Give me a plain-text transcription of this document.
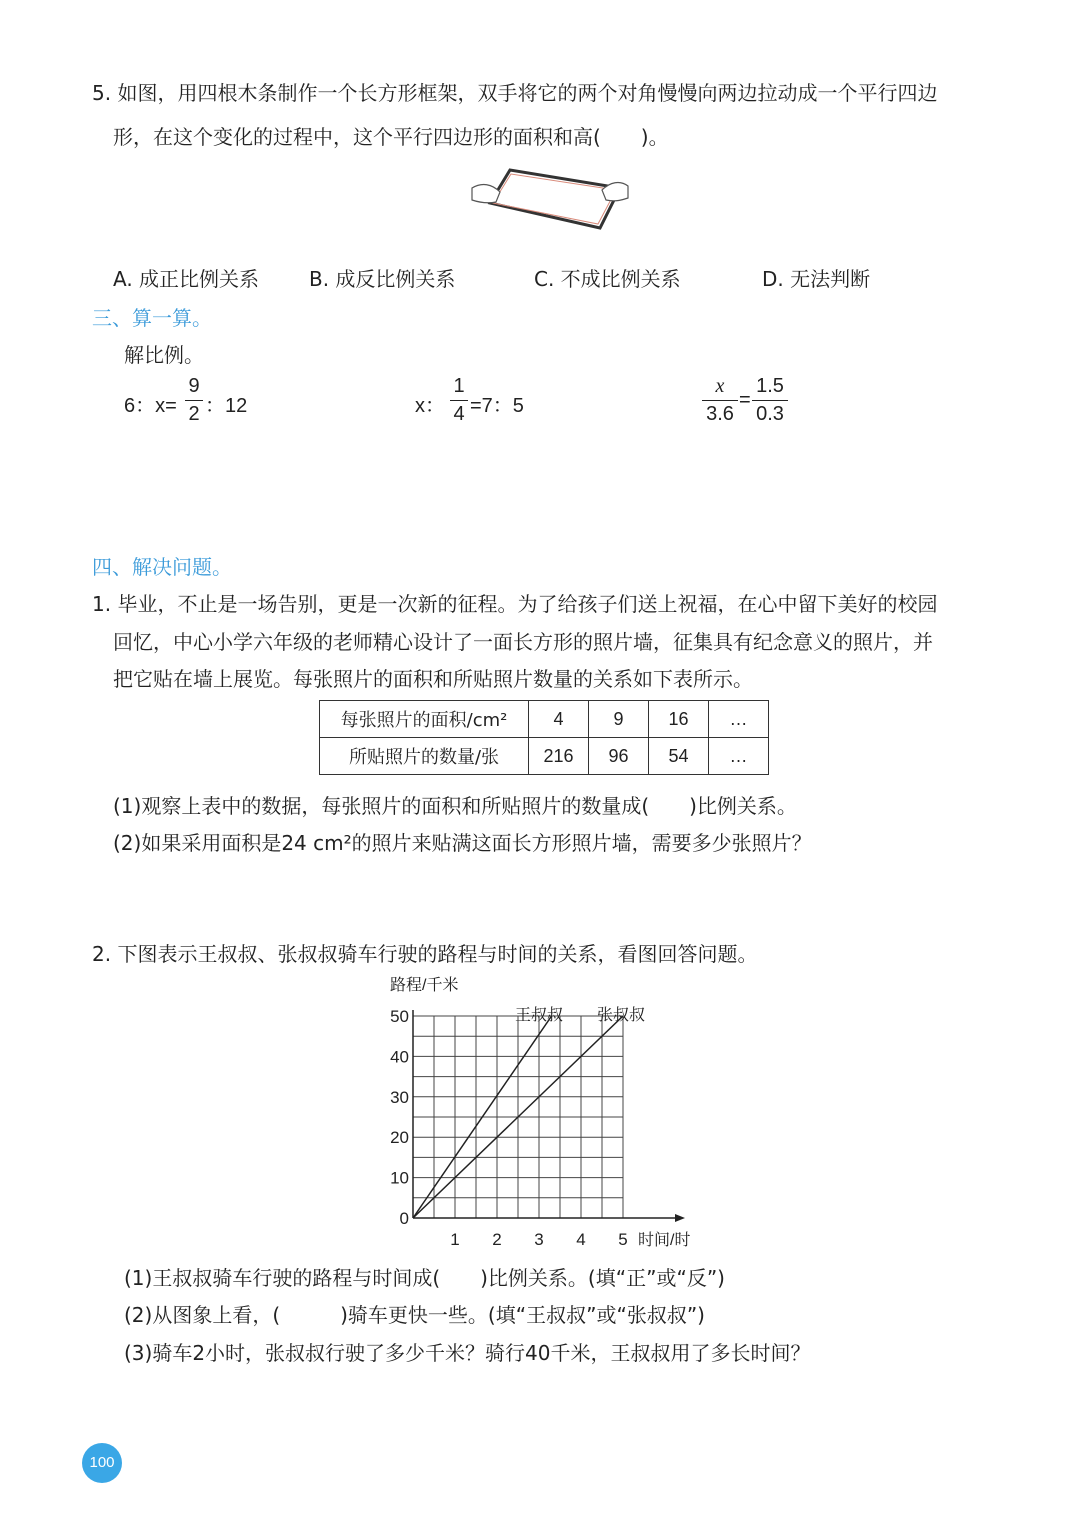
5. 如图，用四根木条制作一个长方形框架，双手将它的两个对角慢慢向两边拉动成一个平行四边
形，在这个变化的过程中，这个平行四边形的面积和高(　　)。
A. 成正比例关系 B. 成反比例关系	C. 不成比例关系	D. 无法判断
三、算一算。
解比例。
6：x=
9
2 ：12	x：
1
4 =7：5
x
3.6
=
1.5
0.3
四、解决问题。
1. 毕业，不止是一场告别，更是一次新的征程。为了给孩子们送上祝福，在心中留下美好的校园
回忆，中心小学六年级的老师精心设计了一面长方形的照片墙，征集具有纪念意义的照片，并
把它贴在墙上展览。每张照片的面积和所贴照片数量的关系如下表所示。
每张照片的面积/cm²	4	9	16	…
所贴照片的数量/张	216	96	54	…
(1)观察上表中的数据，每张照片的面积和所贴照片的数量成(　　)比例关系。
(2)如果采用面积是24 cm²的照片来贴满这面长方形照片墙，需要多少张照片？
2. 下图表示王叔叔、张叔叔骑车行驶的路程与时间的关系，看图回答问题。
1 2 3 4 5
10
20
30
40
50
0
路程/千米
时间/时
王叔叔 张叔叔
(1)王叔叔骑车行驶的路程与时间成(　　)比例关系。(填“正”或“反”)
(2)从图象上看，(　　　)骑车更快一些。(填“王叔叔”或“张叔叔”)
(3)骑车2小时，张叔叔行驶了多少千米？骑行40千米，王叔叔用了多长时间？
100
